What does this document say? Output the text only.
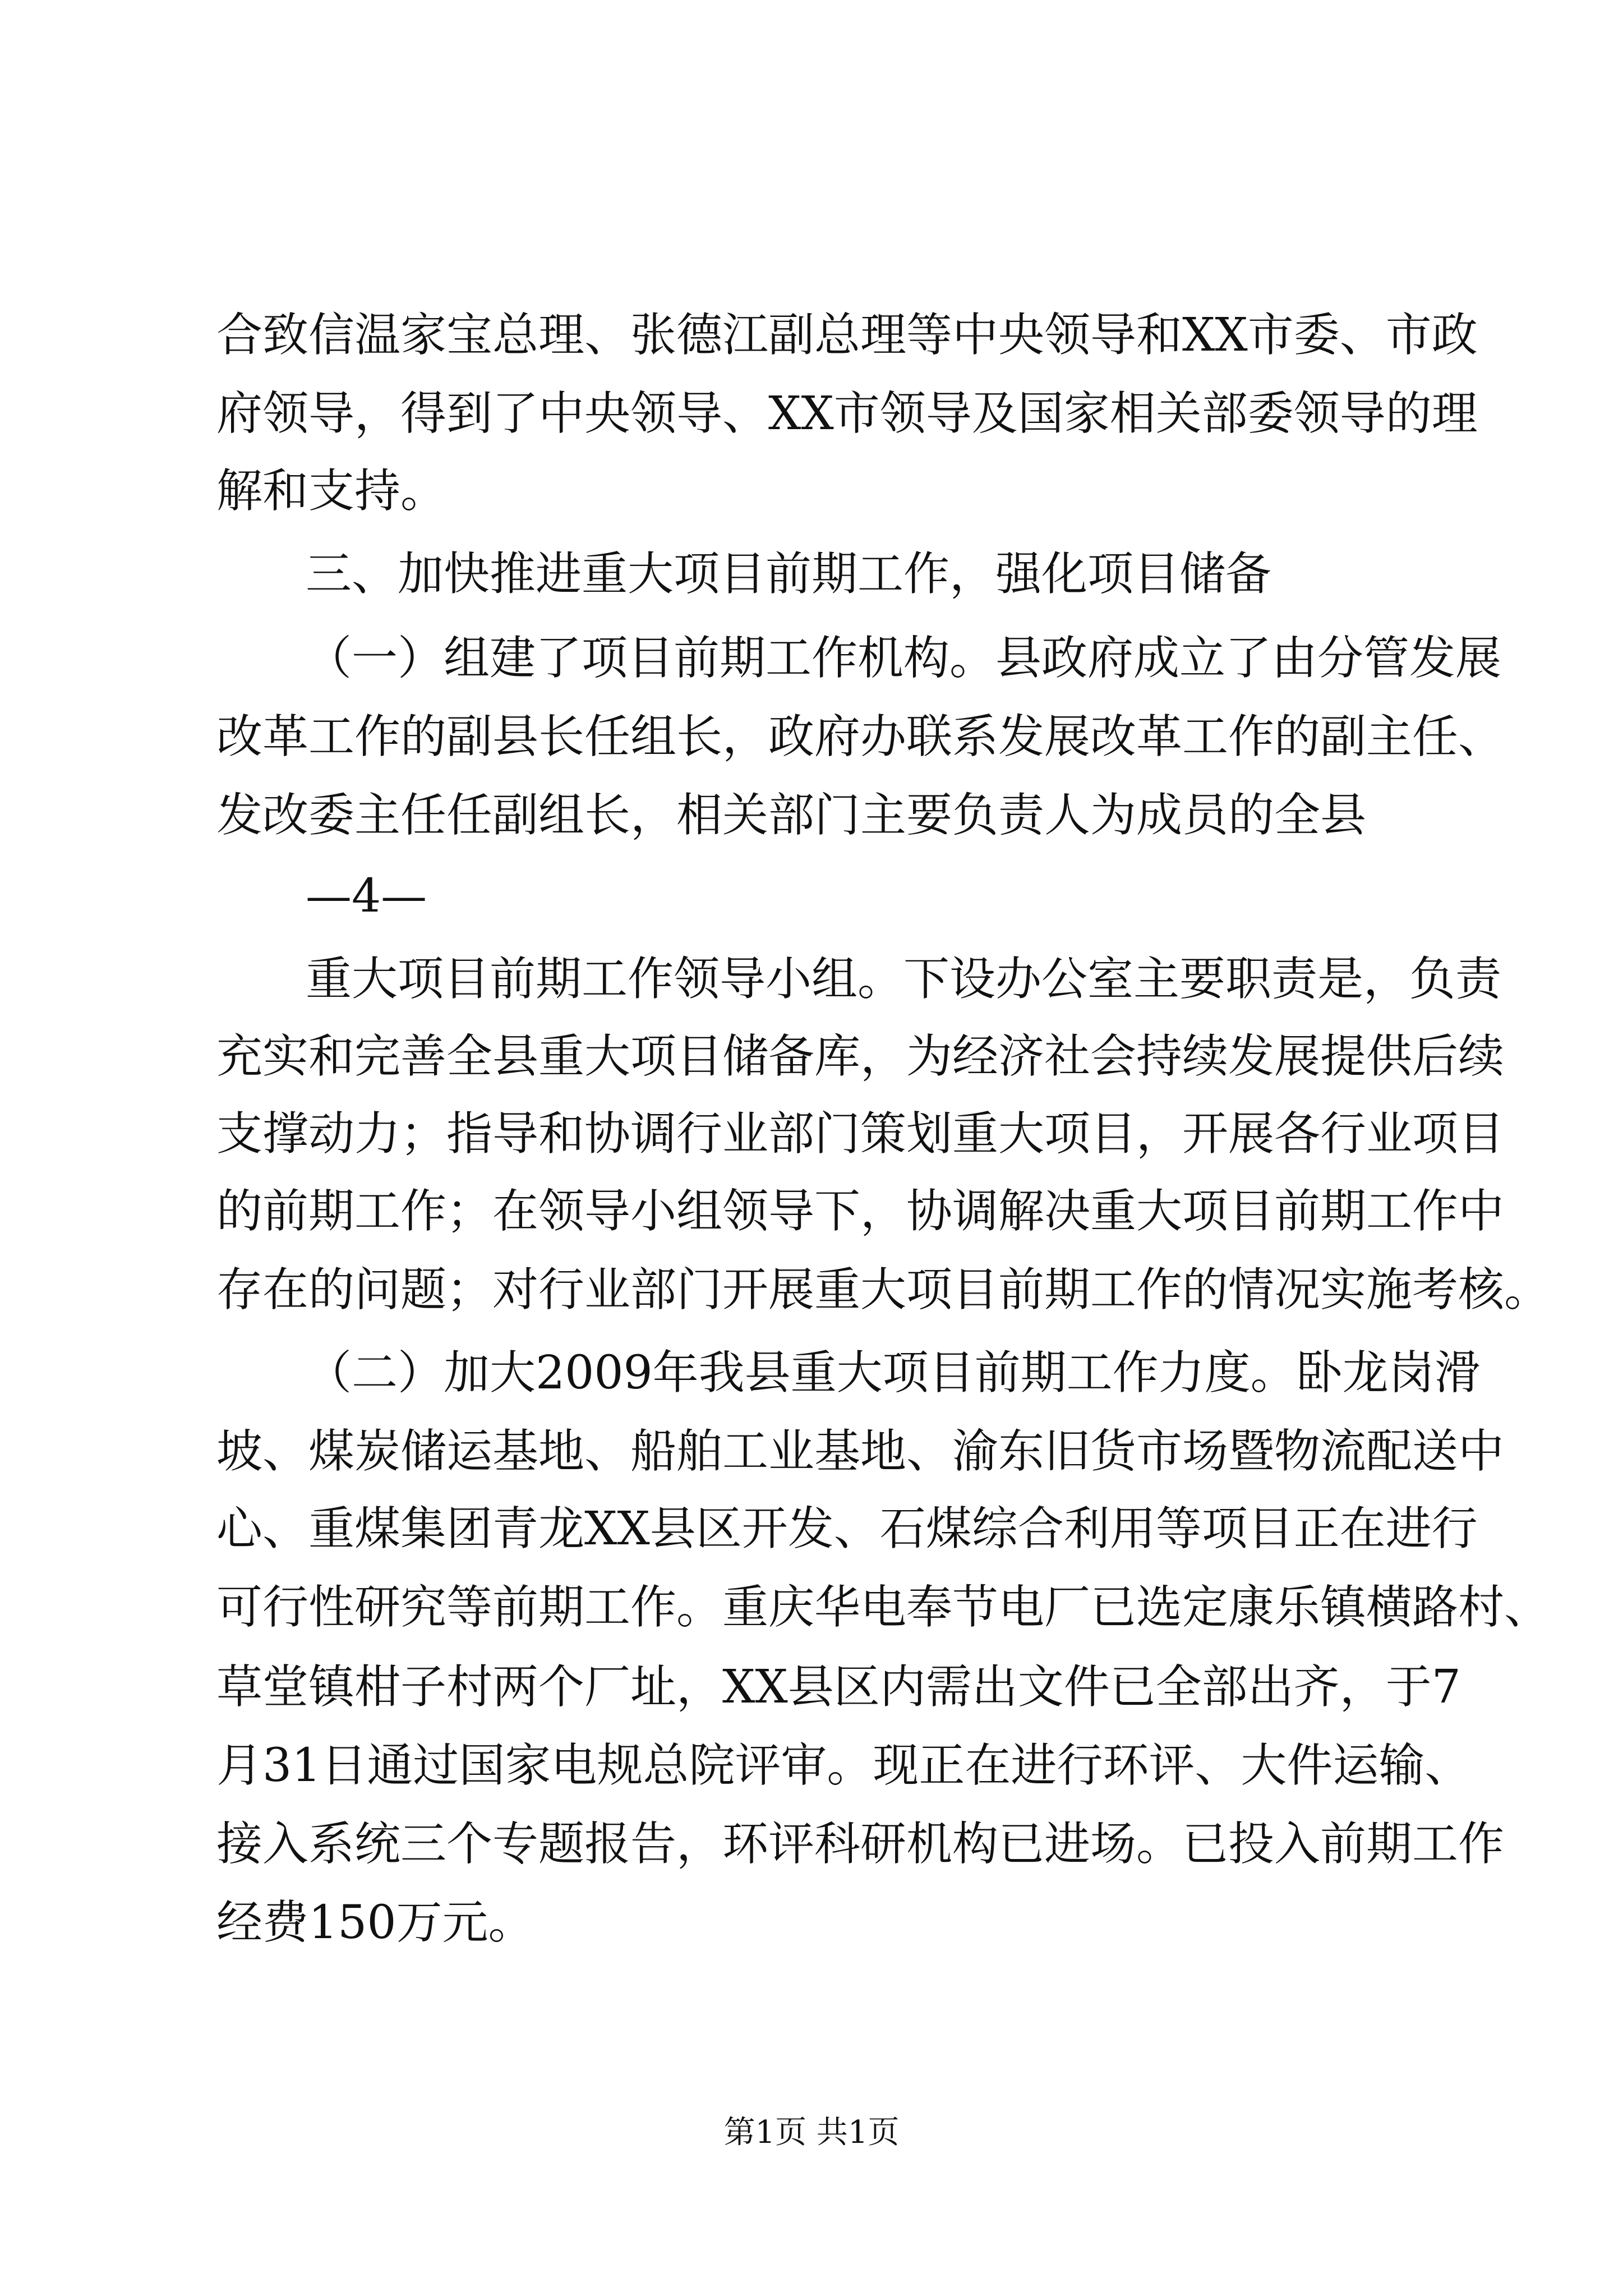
合致信温家宝总理、张德江副总理等中央领导和XX市委、市政
府领导，得到了中央领导、XX市领导及国家相关部委领导的理
解和支持。
三、加快推进重大项目前期工作，强化项目储备
（一）组建了项目前期工作机构。县政府成立了由分管发展
改革工作的副县长任组长，政府办联系发展改革工作的副主任、
发改委主任任副组长，相关部门主要负责人为成员的全县
—4—
重大项目前期工作领导小组。下设办公室主要职责是，负责
充实和完善全县重大项目储备库，为经济社会持续发展提供后续
支撑动力；指导和协调行业部门策划重大项目，开展各行业项目
的前期工作；在领导小组领导下，协调解决重大项目前期工作中
存在的问题；对行业部门开展重大项目前期工作的情况实施考核。
（二）加大2009年我县重大项目前期工作力度。卧龙岗滑
坡、煤炭储运基地、船舶工业基地、渝东旧货市场暨物流配送中
心、重煤集团青龙XX县区开发、石煤综合利用等项目正在进行
可行性研究等前期工作。重庆华电奉节电厂已选定康乐镇横路村、
草堂镇柑子村两个厂址，XX县区内需出文件已全部出齐，于7
月31日通过国家电规总院评审。现正在进行环评、大件运输、
接入系统三个专题报告，环评科研机构已进场。已投入前期工作
经费150万元。
第1页 共1页
